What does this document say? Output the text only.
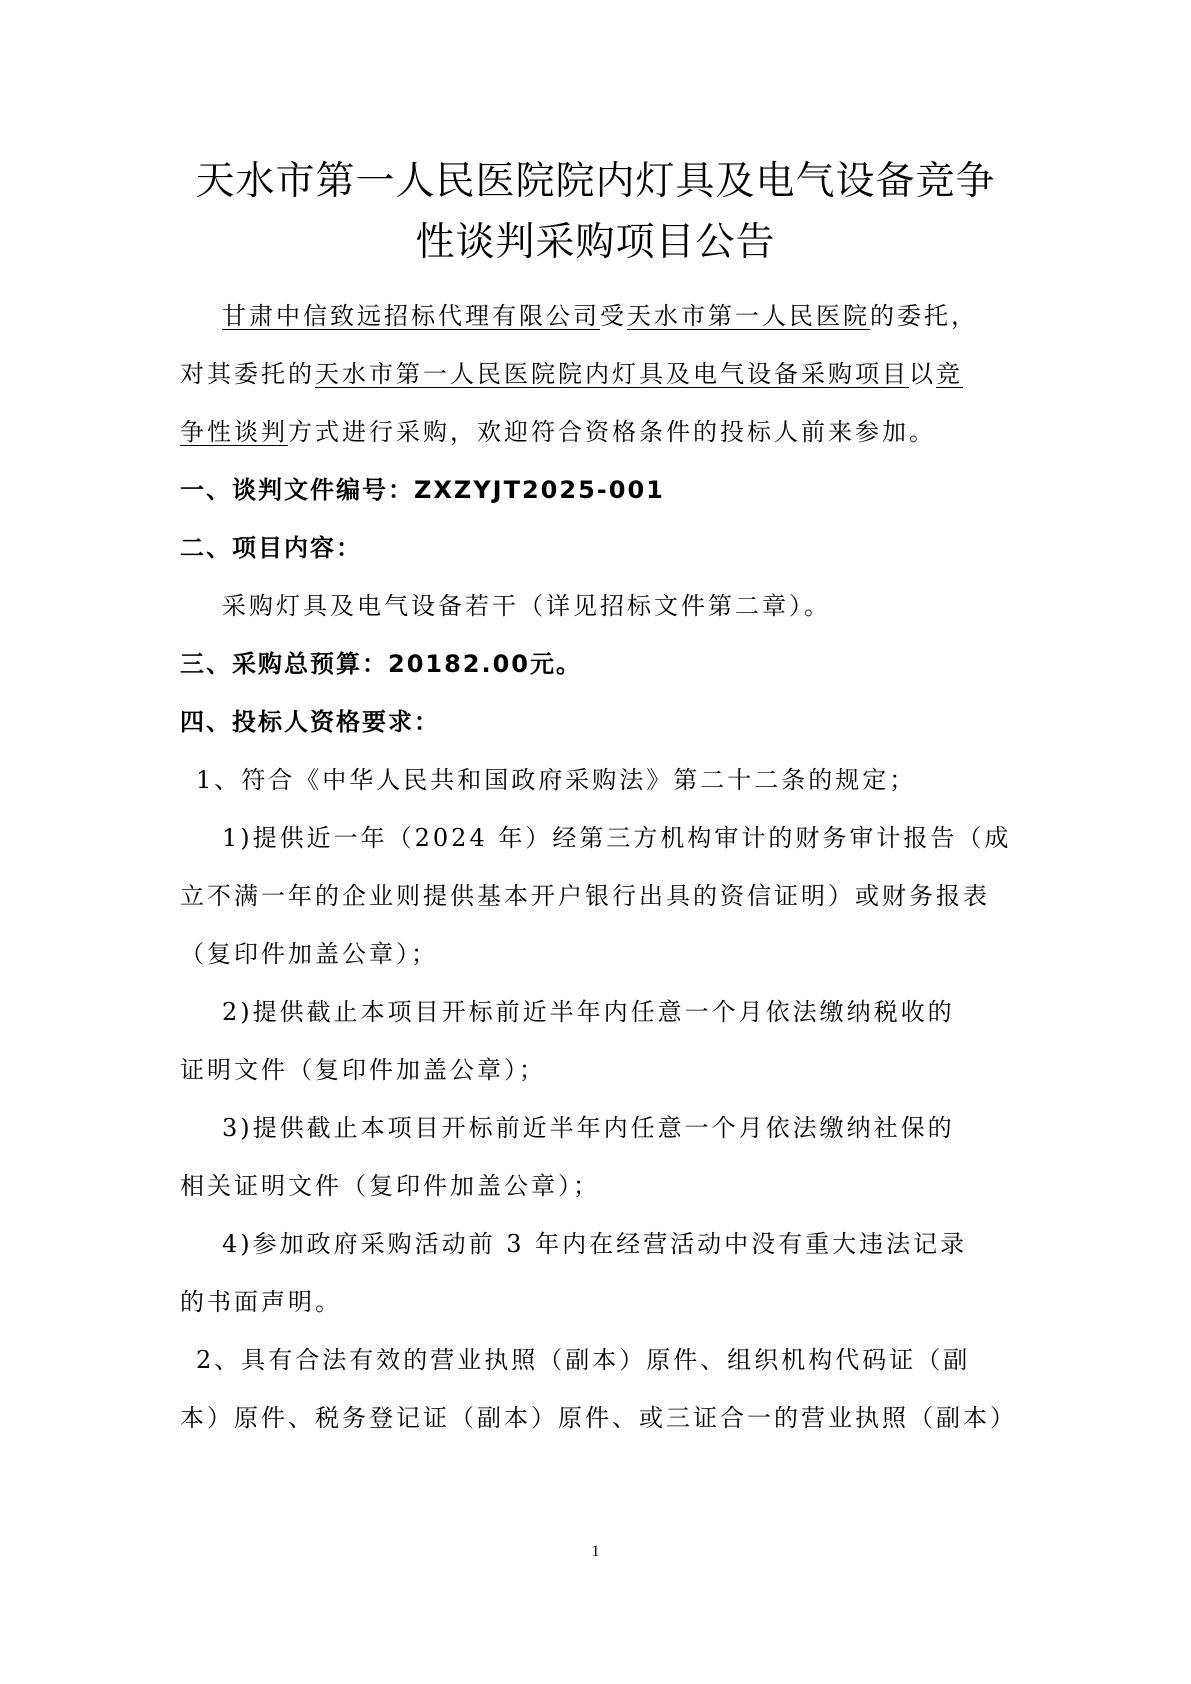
天水市第一人民医院院内灯具及电气设备竞争
性谈判采购项目公告
甘肃中信致远招标代理有限公司受天水市第一人民医院的委托，
对其委托的天水市第一人民医院院内灯具及电气设备采购项目以竞
争性谈判方式进行采购，欢迎符合资格条件的投标人前来参加。
一、谈判文件编号：ZXZYJT2025-001
二、项目内容：
采购灯具及电气设备若干（详见招标文件第二章）。
三、采购总预算：20182.00元。
四、投标人资格要求：
1、符合《中华人民共和国政府采购法》第二十二条的规定；
1)提供近一年（2024 年）经第三方机构审计的财务审计报告（成
立不满一年的企业则提供基本开户银行出具的资信证明）或财务报表
（复印件加盖公章）；
2)提供截止本项目开标前近半年内任意一个月依法缴纳税收的
证明文件（复印件加盖公章）；
3)提供截止本项目开标前近半年内任意一个月依法缴纳社保的
相关证明文件（复印件加盖公章）；
4)参加政府采购活动前 3 年内在经营活动中没有重大违法记录
的书面声明。
2、具有合法有效的营业执照（副本）原件、组织机构代码证（副
本）原件、税务登记证（副本）原件、或三证合一的营业执照（副本）
1
